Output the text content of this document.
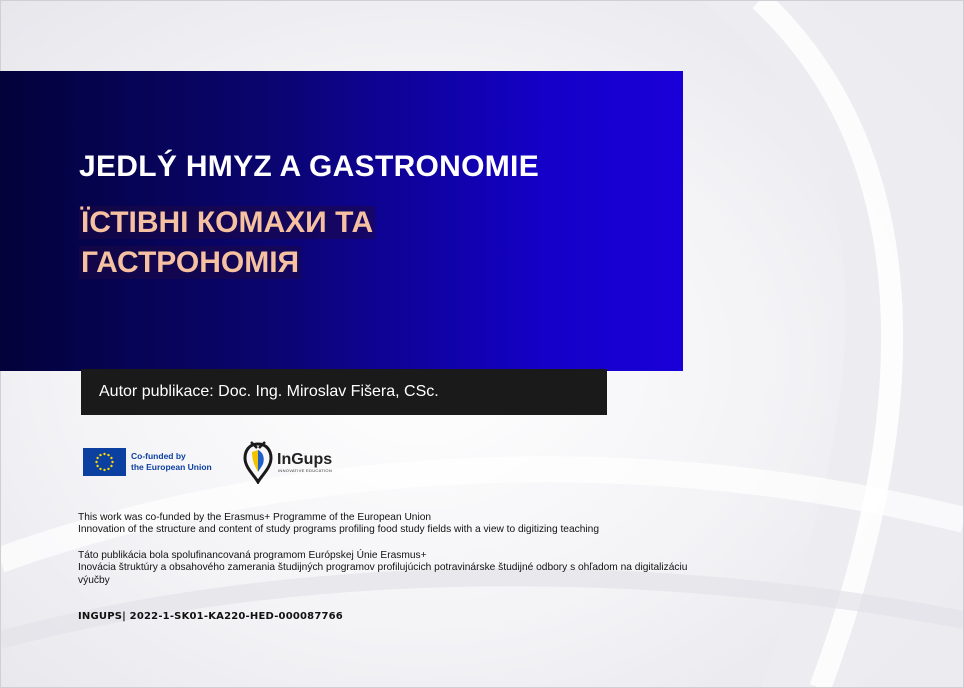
JEDLÝ HMYZ A GASTRONOMIE
ЇСТІВНІ КОМАХИ ТА
ГАСТРОНОМІЯ
Autor publikace: Doc. Ing. Miroslav Fišera, CSc.
Co-funded by
the European Union	InGups
INNOVATIVE EDUCATION

This work was co-funded by the Erasmus+ Programme of the European Union

Innovation of the structure and content of study programs profiling food study fields with a view to digitizing teaching

Táto publikácia bola spolufinancovaná programom Európskej Únie Erasmus+

Inovácia štruktúry a obsahového zamerania študijných programov profilujúcich potravinárske študijné odbory s ohľadom na digitalizáciu výučby

INGUPS| 2022-1-SK01-KA220-HED-000087766
